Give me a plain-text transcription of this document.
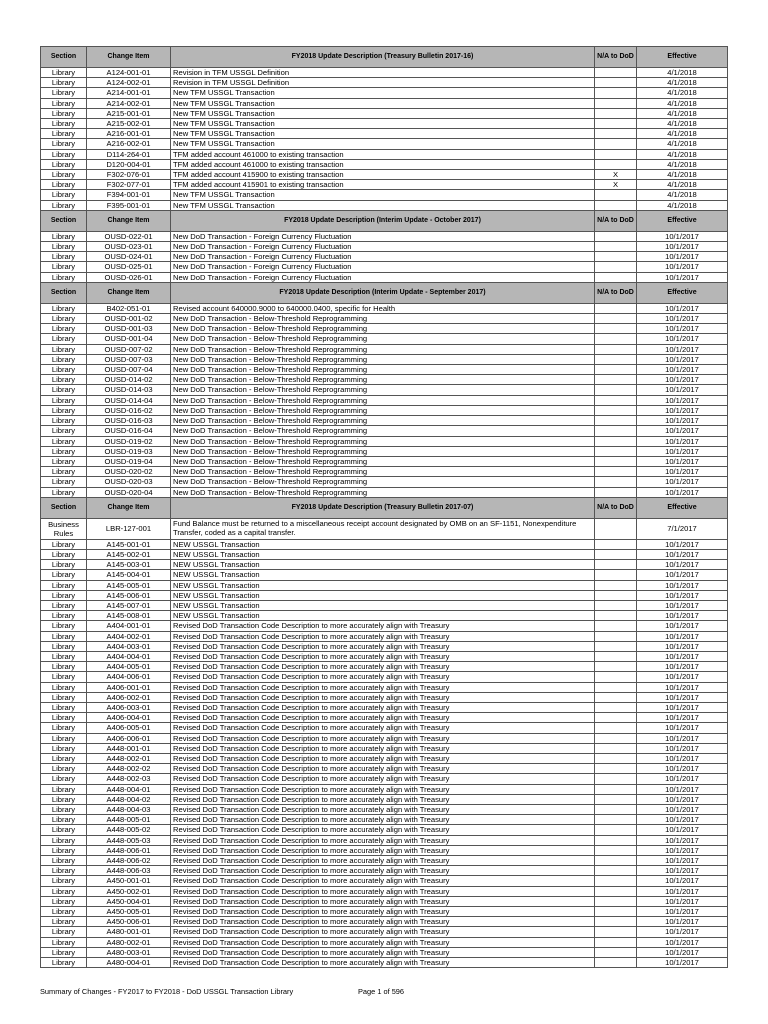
Section	Change Item	FY2018 Update Description (Treasury Bulletin 2017-16)	N/A to DoD	Effective
Library	A124-001-01	Revision in TFM USSGL Definition		4/1/2018
Library	A124-002-01	Revision in TFM USSGL Definition		4/1/2018
Library	A214-001-01	New TFM USSGL Transaction		4/1/2018
Library	A214-002-01	New TFM USSGL Transaction		4/1/2018
Library	A215-001-01	New TFM USSGL Transaction		4/1/2018
Library	A215-002-01	New TFM USSGL Transaction		4/1/2018
Library	A216-001-01	New TFM USSGL Transaction		4/1/2018
Library	A216-002-01	New TFM USSGL Transaction		4/1/2018
Library	D114-264-01	TFM added account 461000 to existing transaction		4/1/2018
Library	D120-004-01	TFM added account 461000 to existing transaction		4/1/2018
Library	F302-076-01	TFM added account 415900 to existing transaction	X	4/1/2018
Library	F302-077-01	TFM added account 415901 to existing transaction	X	4/1/2018
Library	F394-001-01	New TFM USSGL Transaction		4/1/2018
Library	F395-001-01	New TFM USSGL Transaction		4/1/2018
Section	Change Item	FY2018 Update Description (Interim Update - October 2017)	N/A to DoD	Effective
Library	OUSD-022-01	New DoD Transaction - Foreign Currency Fluctuation		10/1/2017
Library	OUSD-023-01	New DoD Transaction - Foreign Currency Fluctuation		10/1/2017
Library	OUSD-024-01	New DoD Transaction - Foreign Currency Fluctuation		10/1/2017
Library	OUSD-025-01	New DoD Transaction - Foreign Currency Fluctuation		10/1/2017
Library	OUSD-026-01	New DoD Transaction - Foreign Currency Fluctuation		10/1/2017
Section	Change Item	FY2018 Update Description (Interim Update - September 2017)	N/A to DoD	Effective
Library	B402-051-01	Revised account 640000.9000 to 640000.0400, specific for Health		10/1/2017
Library	OUSD-001-02	New DoD Transaction - Below-Threshold Reprogramming		10/1/2017
Library	OUSD-001-03	New DoD Transaction - Below-Threshold Reprogramming		10/1/2017
Library	OUSD-001-04	New DoD Transaction - Below-Threshold Reprogramming		10/1/2017
Library	OUSD-007-02	New DoD Transaction - Below-Threshold Reprogramming		10/1/2017
Library	OUSD-007-03	New DoD Transaction - Below-Threshold Reprogramming		10/1/2017
Library	OUSD-007-04	New DoD Transaction - Below-Threshold Reprogramming		10/1/2017
Library	OUSD-014-02	New DoD Transaction - Below-Threshold Reprogramming		10/1/2017
Library	OUSD-014-03	New DoD Transaction - Below-Threshold Reprogramming		10/1/2017
Library	OUSD-014-04	New DoD Transaction - Below-Threshold Reprogramming		10/1/2017
Library	OUSD-016-02	New DoD Transaction - Below-Threshold Reprogramming		10/1/2017
Library	OUSD-016-03	New DoD Transaction - Below-Threshold Reprogramming		10/1/2017
Library	OUSD-016-04	New DoD Transaction - Below-Threshold Reprogramming		10/1/2017
Library	OUSD-019-02	New DoD Transaction - Below-Threshold Reprogramming		10/1/2017
Library	OUSD-019-03	New DoD Transaction - Below-Threshold Reprogramming		10/1/2017
Library	OUSD-019-04	New DoD Transaction - Below-Threshold Reprogramming		10/1/2017
Library	OUSD-020-02	New DoD Transaction - Below-Threshold Reprogramming		10/1/2017
Library	OUSD-020-03	New DoD Transaction - Below-Threshold Reprogramming		10/1/2017
Library	OUSD-020-04	New DoD Transaction - Below-Threshold Reprogramming		10/1/2017
Section	Change Item	FY2018 Update Description (Treasury Bulletin 2017-07)	N/A to DoD	Effective
Business Rules	LBR-127-001	Fund Balance must be returned to a miscellaneous receipt account designated by OMB on an SF-1151, Nonexpenditure Transfer, coded as a capital transfer.		7/1/2017
Library	A145-001-01	NEW USSGL Transaction		10/1/2017
Library	A145-002-01	NEW USSGL Transaction		10/1/2017
Library	A145-003-01	NEW USSGL Transaction		10/1/2017
Library	A145-004-01	NEW USSGL Transaction		10/1/2017
Library	A145-005-01	NEW USSGL Transaction		10/1/2017
Library	A145-006-01	NEW USSGL Transaction		10/1/2017
Library	A145-007-01	NEW USSGL Transaction		10/1/2017
Library	A145-008-01	NEW USSGL Transaction		10/1/2017
Library	A404-001-01	Revised DoD Transaction Code Description to more accurately align with Treasury		10/1/2017
Library	A404-002-01	Revised DoD Transaction Code Description to more accurately align with Treasury		10/1/2017
Library	A404-003-01	Revised DoD Transaction Code Description to more accurately align with Treasury		10/1/2017
Library	A404-004-01	Revised DoD Transaction Code Description to more accurately align with Treasury		10/1/2017
Library	A404-005-01	Revised DoD Transaction Code Description to more accurately align with Treasury		10/1/2017
Library	A404-006-01	Revised DoD Transaction Code Description to more accurately align with Treasury		10/1/2017
Library	A406-001-01	Revised DoD Transaction Code Description to more accurately align with Treasury		10/1/2017
Library	A406-002-01	Revised DoD Transaction Code Description to more accurately align with Treasury		10/1/2017
Library	A406-003-01	Revised DoD Transaction Code Description to more accurately align with Treasury		10/1/2017
Library	A406-004-01	Revised DoD Transaction Code Description to more accurately align with Treasury		10/1/2017
Library	A406-005-01	Revised DoD Transaction Code Description to more accurately align with Treasury		10/1/2017
Library	A406-006-01	Revised DoD Transaction Code Description to more accurately align with Treasury		10/1/2017
Library	A448-001-01	Revised DoD Transaction Code Description to more accurately align with Treasury		10/1/2017
Library	A448-002-01	Revised DoD Transaction Code Description to more accurately align with Treasury		10/1/2017
Library	A448-002-02	Revised DoD Transaction Code Description to more accurately align with Treasury		10/1/2017
Library	A448-002-03	Revised DoD Transaction Code Description to more accurately align with Treasury		10/1/2017
Library	A448-004-01	Revised DoD Transaction Code Description to more accurately align with Treasury		10/1/2017
Library	A448-004-02	Revised DoD Transaction Code Description to more accurately align with Treasury		10/1/2017
Library	A448-004-03	Revised DoD Transaction Code Description to more accurately align with Treasury		10/1/2017
Library	A448-005-01	Revised DoD Transaction Code Description to more accurately align with Treasury		10/1/2017
Library	A448-005-02	Revised DoD Transaction Code Description to more accurately align with Treasury		10/1/2017
Library	A448-005-03	Revised DoD Transaction Code Description to more accurately align with Treasury		10/1/2017
Library	A448-006-01	Revised DoD Transaction Code Description to more accurately align with Treasury		10/1/2017
Library	A448-006-02	Revised DoD Transaction Code Description to more accurately align with Treasury		10/1/2017
Library	A448-006-03	Revised DoD Transaction Code Description to more accurately align with Treasury		10/1/2017
Library	A450-001-01	Revised DoD Transaction Code Description to more accurately align with Treasury		10/1/2017
Library	A450-002-01	Revised DoD Transaction Code Description to more accurately align with Treasury		10/1/2017
Library	A450-004-01	Revised DoD Transaction Code Description to more accurately align with Treasury		10/1/2017
Library	A450-005-01	Revised DoD Transaction Code Description to more accurately align with Treasury		10/1/2017
Library	A450-006-01	Revised DoD Transaction Code Description to more accurately align with Treasury		10/1/2017
Library	A480-001-01	Revised DoD Transaction Code Description to more accurately align with Treasury		10/1/2017
Library	A480-002-01	Revised DoD Transaction Code Description to more accurately align with Treasury		10/1/2017
Library	A480-003-01	Revised DoD Transaction Code Description to more accurately align with Treasury		10/1/2017
Library	A480-004-01	Revised DoD Transaction Code Description to more accurately align with Treasury		10/1/2017
Summary of Changes - FY2017 to FY2018 - DoD USSGL Transaction Library	Page 1 of 596
